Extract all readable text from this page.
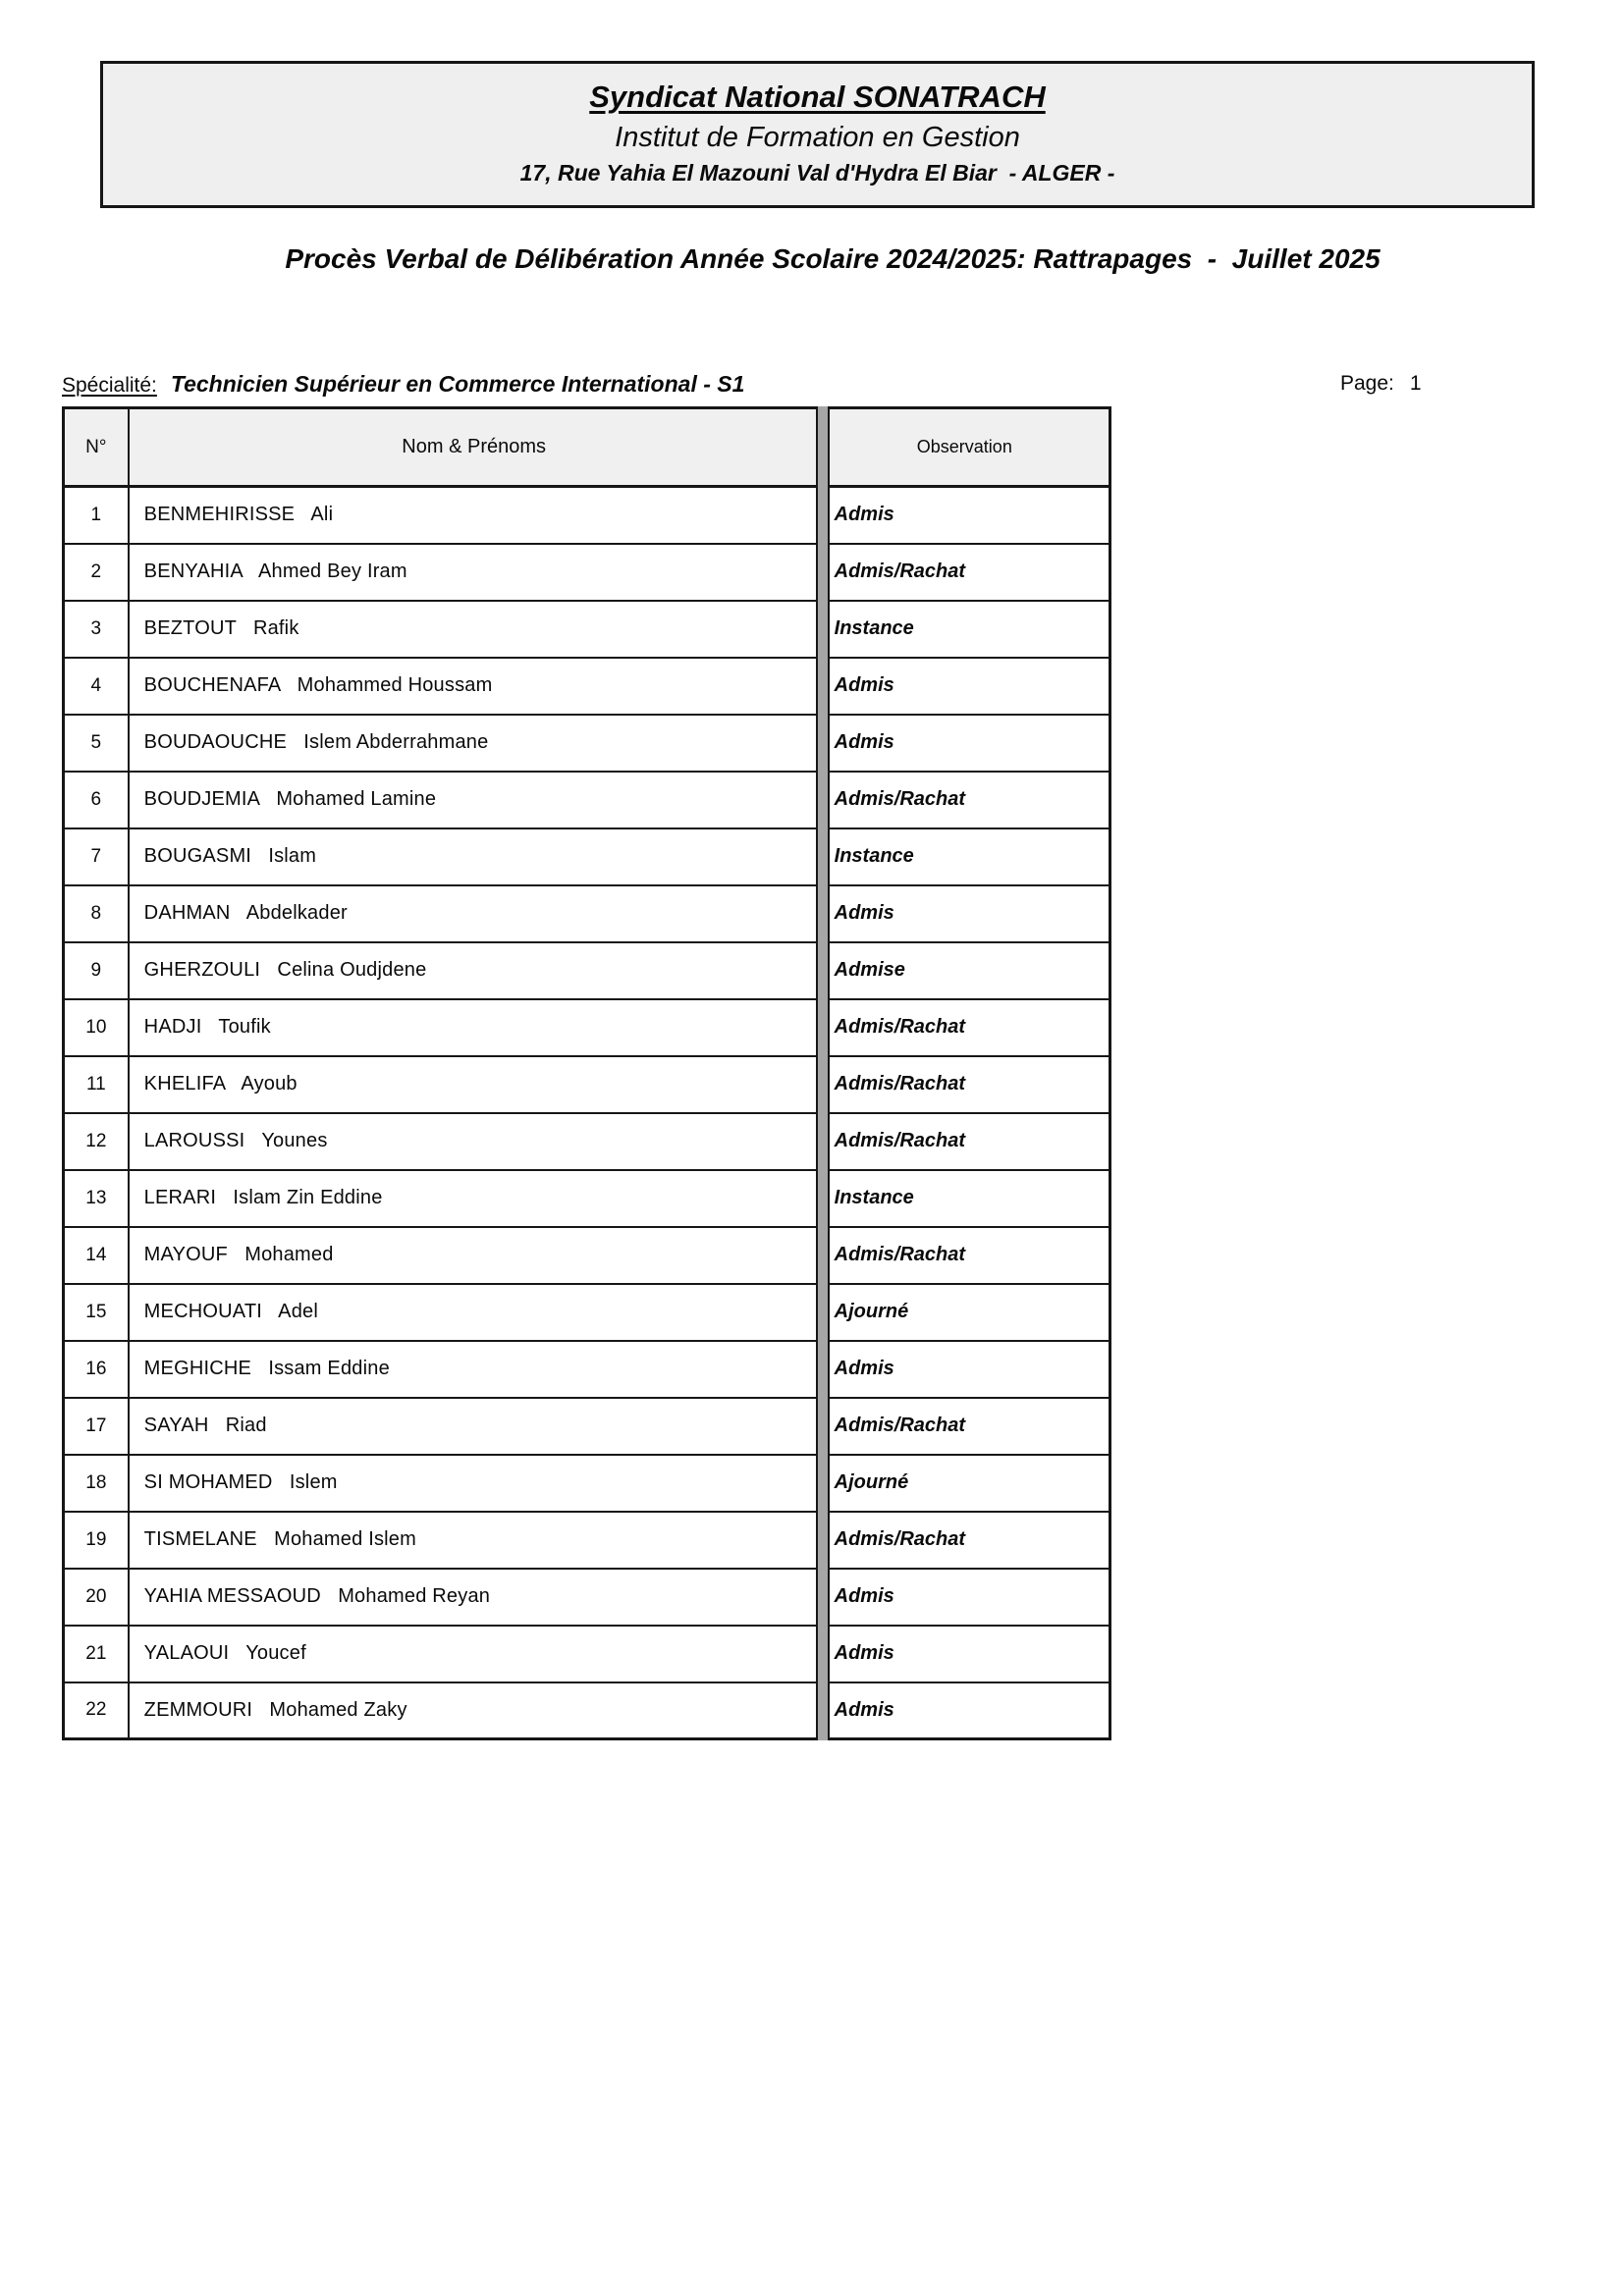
Syndicat National SONATRACH
Institut de Formation en Gestion
17, Rue Yahia El Mazouni Val d'Hydra El Biar  - ALGER -
Procès Verbal de Délibération Année Scolaire 2024/2025: Rattrapages  -  Juillet 2025
Spécialité: Technicien Supérieur en Commerce International - S1	Page: 1
N°	Nom & Prénoms	Observation
1	BENMEHIRISSE   Ali	Admis
2	BENYAHIA   Ahmed Bey Iram	Admis/Rachat
3	BEZTOUT   Rafik	Instance
4	BOUCHENAFA   Mohammed Houssam	Admis
5	BOUDAOUCHE   Islem Abderrahmane	Admis
6	BOUDJEMIA   Mohamed Lamine	Admis/Rachat
7	BOUGASMI   Islam	Instance
8	DAHMAN   Abdelkader	Admis
9	GHERZOULI   Celina Oudjdene	Admise
10	HADJI   Toufik	Admis/Rachat
11	KHELIFA   Ayoub	Admis/Rachat
12	LAROUSSI   Younes	Admis/Rachat
13	LERARI   Islam Zin Eddine	Instance
14	MAYOUF   Mohamed	Admis/Rachat
15	MECHOUATI   Adel	Ajourné
16	MEGHICHE   Issam Eddine	Admis
17	SAYAH   Riad	Admis/Rachat
18	SI MOHAMED   Islem	Ajourné
19	TISMELANE   Mohamed Islem	Admis/Rachat
20	YAHIA MESSAOUD   Mohamed Reyan	Admis
21	YALAOUI   Youcef	Admis
22	ZEMMOURI   Mohamed Zaky	Admis
